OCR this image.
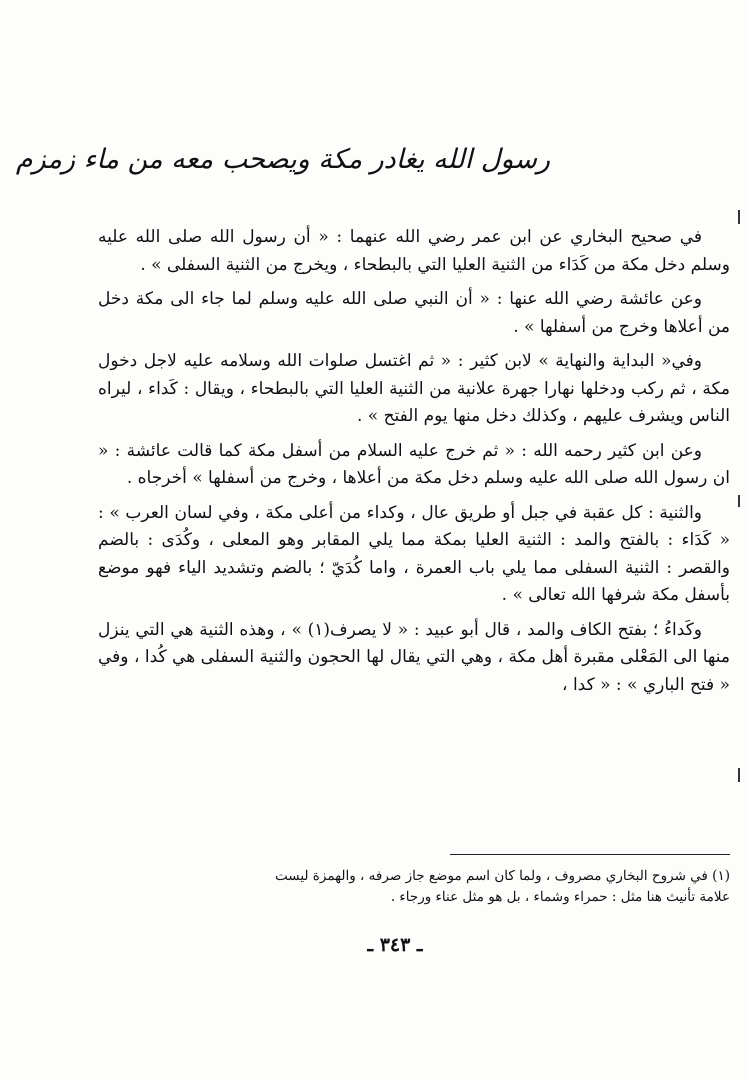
رسول الله يغادر مكة ويصحب معه من ماء زمزم

في صحيح البخاري عن ابن عمر رضي الله عنهما : « أن رسول الله صلى الله عليه وسلم دخل مكة من كَدَاء من الثنية العليا التي بالبطحاء ، ويخرج من الثنية السفلى » .

وعن عائشة رضي الله عنها : « أن النبي صلى الله عليه وسلم لما جاء الى مكة دخل من أعلاها وخرج من أسفلها » .

وفي« البداية والنهاية » لابن كثير : « ثم اغتسل صلوات الله وسلامه عليه لاجل دخول مكة ، ثم ركب ودخلها نهارا جهرة علانية من الثنية العليا التي بالبطحاء ، ويقال : كَداء ، ليراه الناس ويشرف عليهم ، وكذلك دخل منها يوم الفتح » .

وعن ابن كثير رحمه الله : « ثم خرج عليه السلام من أسفل مكة كما قالت عائشة : « ان رسول الله صلى الله عليه وسلم دخل مكة من أعلاها ، وخرج من أسفلها » أخرجاه .

والثنية : كل عقبة في جبل أو طريق عال ، وكداء من أعلى مكة ، وفي لسان العرب » : « كَدَاء : بالفتح والمد : الثنية العليا بمكة مما يلي المقابر وهو المعلى ، وكُدَى : بالضم والقصر : الثنية السفلى مما يلي باب العمرة ، واما كُدَيّ ؛ بالضم وتشديد الياء فهو موضع بأسفل مكة شرفها الله تعالى » .

وكَداءُ ؛ بفتح الكاف والمد ، قال أبو عبيد : « لا يصرف(١) » ، وهذه الثنية هي التي ينزل منها الى المَعْلى مقبرة أهل مكة ، وهي التي يقال لها الحجون والثنية السفلى هي كُدا ، وفي « فتح الباري » : « كدا ،

(١) في شروح البخاري مصروف ، ولما كان اسم موضع جاز صرفه ، والهمزة ليست

علامة تأنيث هنا مثل : حمراء وشماء ، بل هو مثل عناء ورجاء .

ـ ٣٤٣ ـ
